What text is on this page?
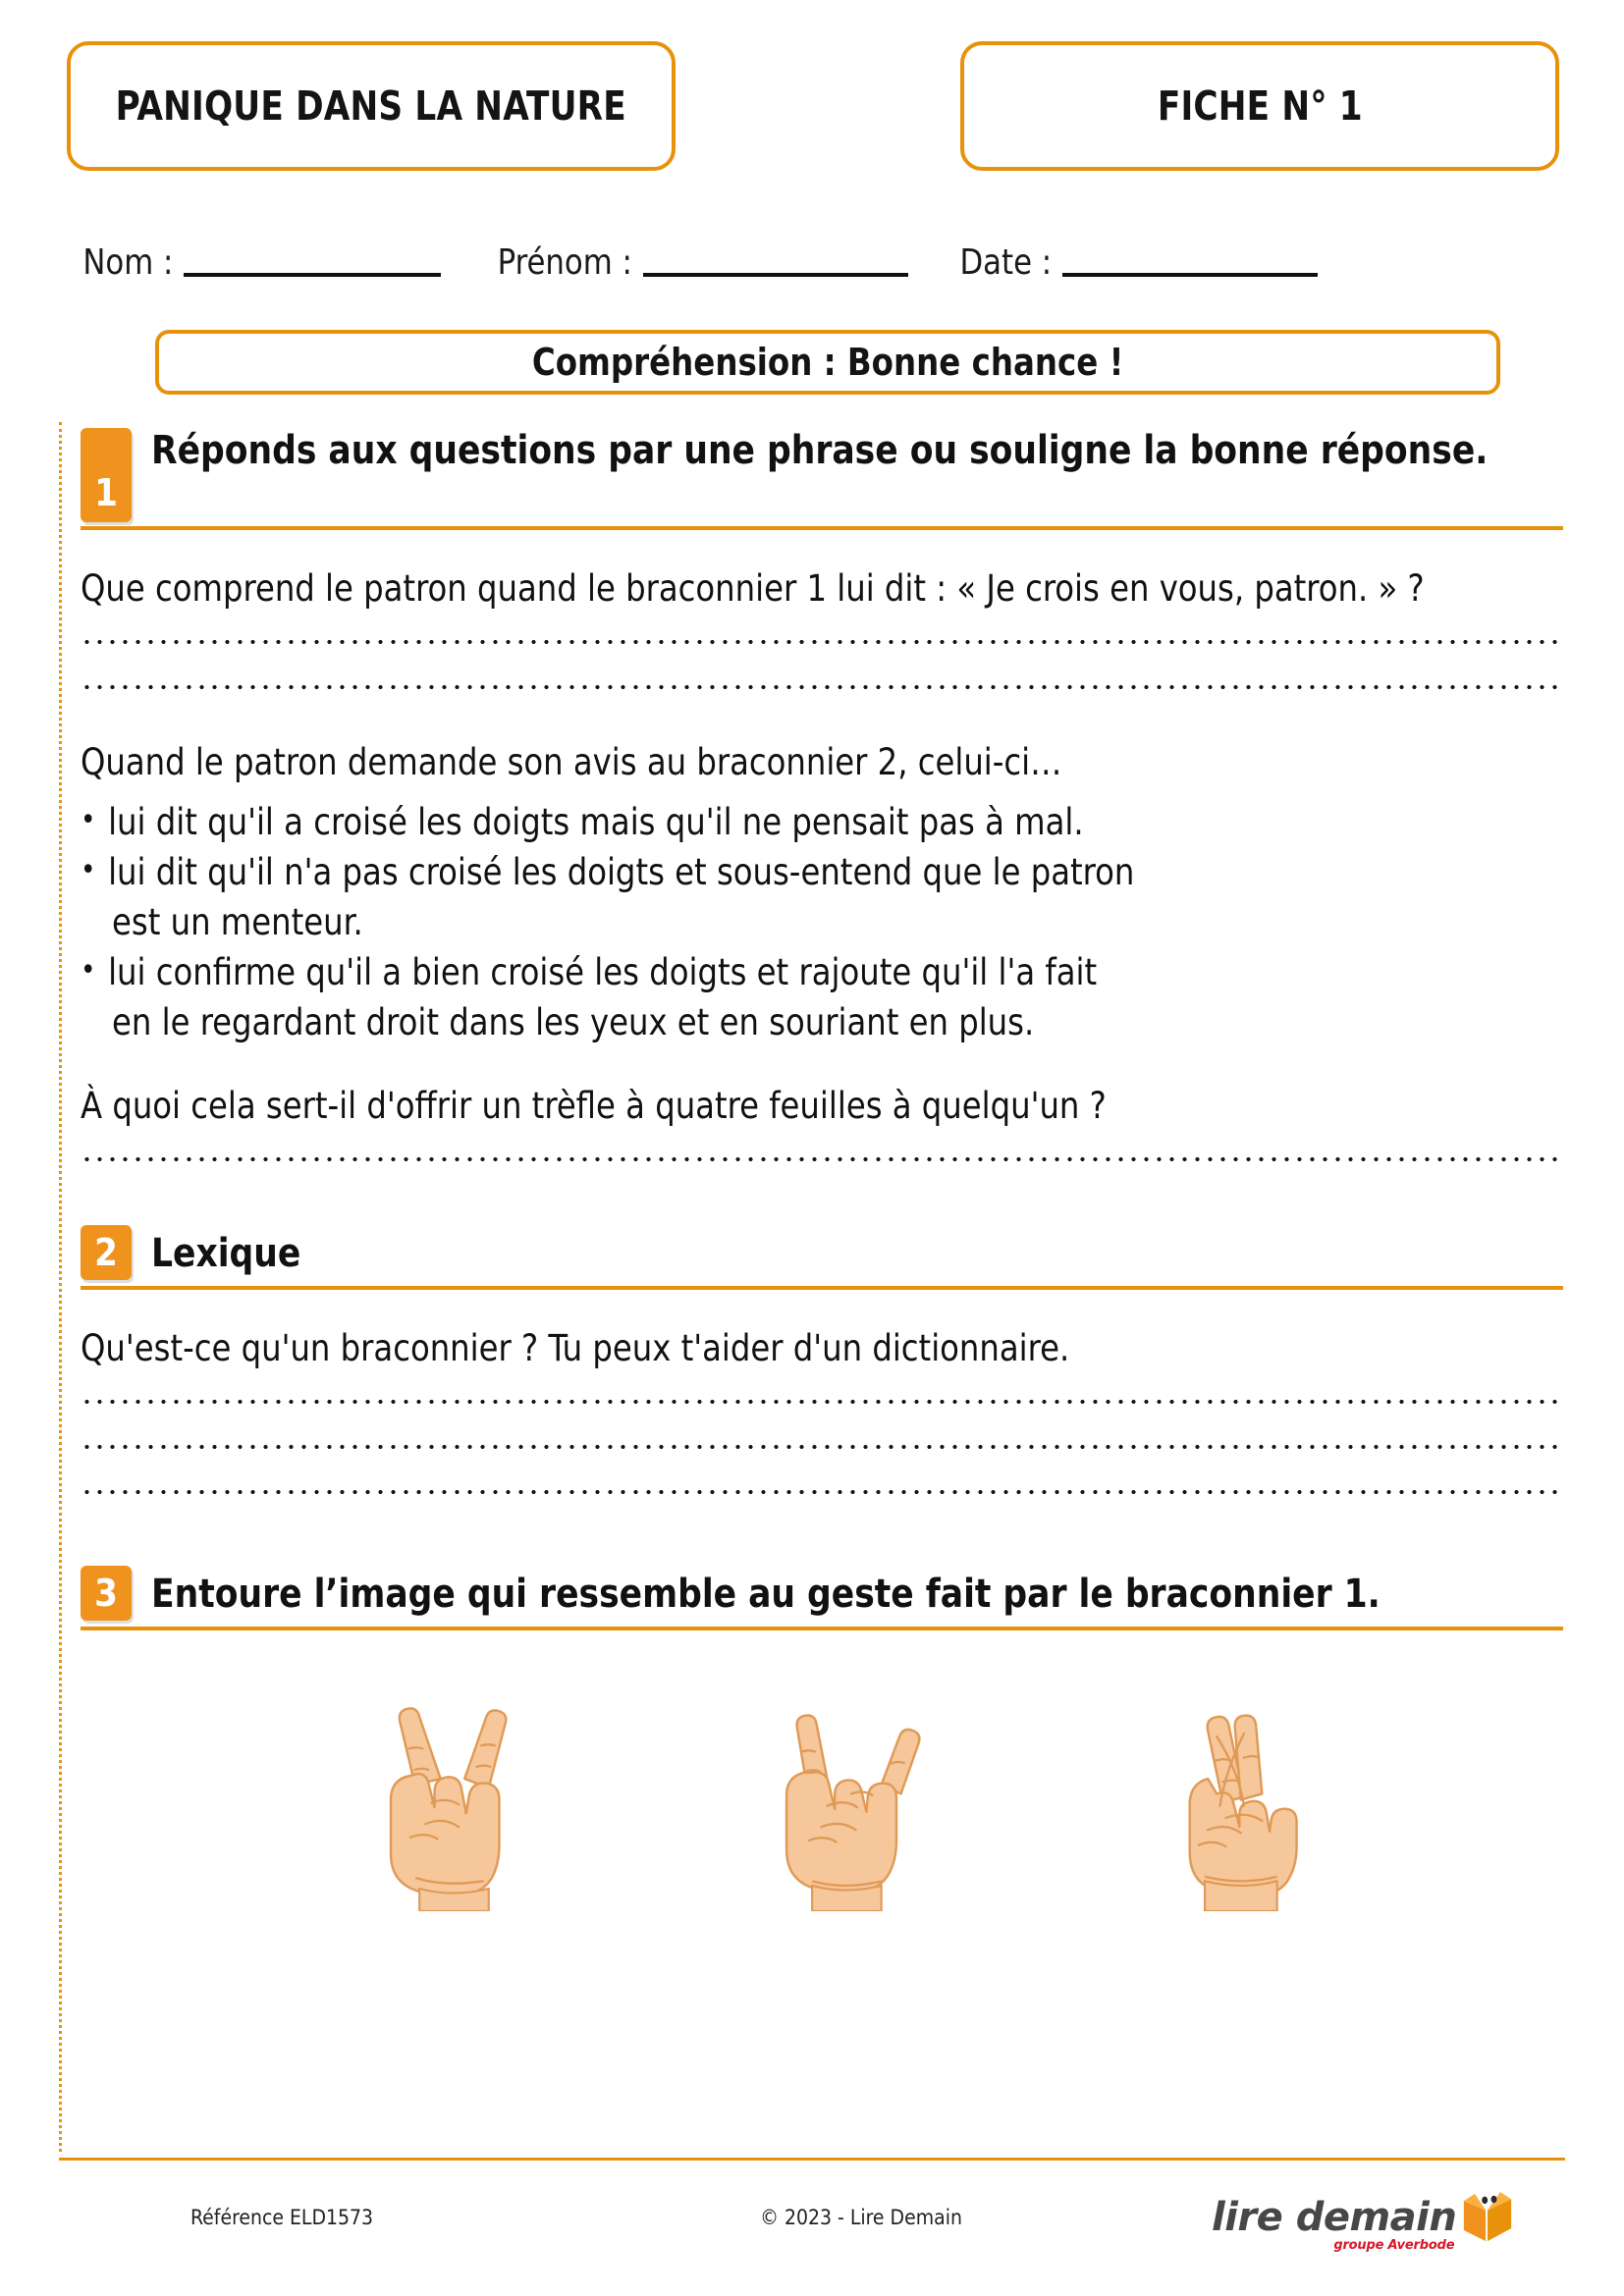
PANIQUE DANS LA NATURE	FICHE N° 1
Nom :	Prénom :	Date :
Compréhension : Bonne chance !
1
Réponds aux questions par une phrase ou souligne la bonne réponse.
Que comprend le patron quand le braconnier 1 lui dit : « Je crois en vous, patron. » ?
Quand le patron demande son avis au braconnier 2, celui-ci…
• lui dit qu'il a croisé les doigts mais qu'il ne pensait pas à mal.
• lui dit qu'il n'a pas croisé les doigts et sous-entend que le patron
est un menteur.
• lui confirme qu'il a bien croisé les doigts et rajoute qu'il l'a fait
en le regardant droit dans les yeux et en souriant en plus.
À quoi cela sert-il d'offrir un trèfle à quatre feuilles à quelqu'un ?
2 Lexique
Qu'est-ce qu'un braconnier ? Tu peux t'aider d'un dictionnaire.
3 Entoure l’image qui ressemble au geste fait par le braconnier 1.
Référence ELD1573	© 2023 - Lire Demain	lire demain
groupe Averbode
